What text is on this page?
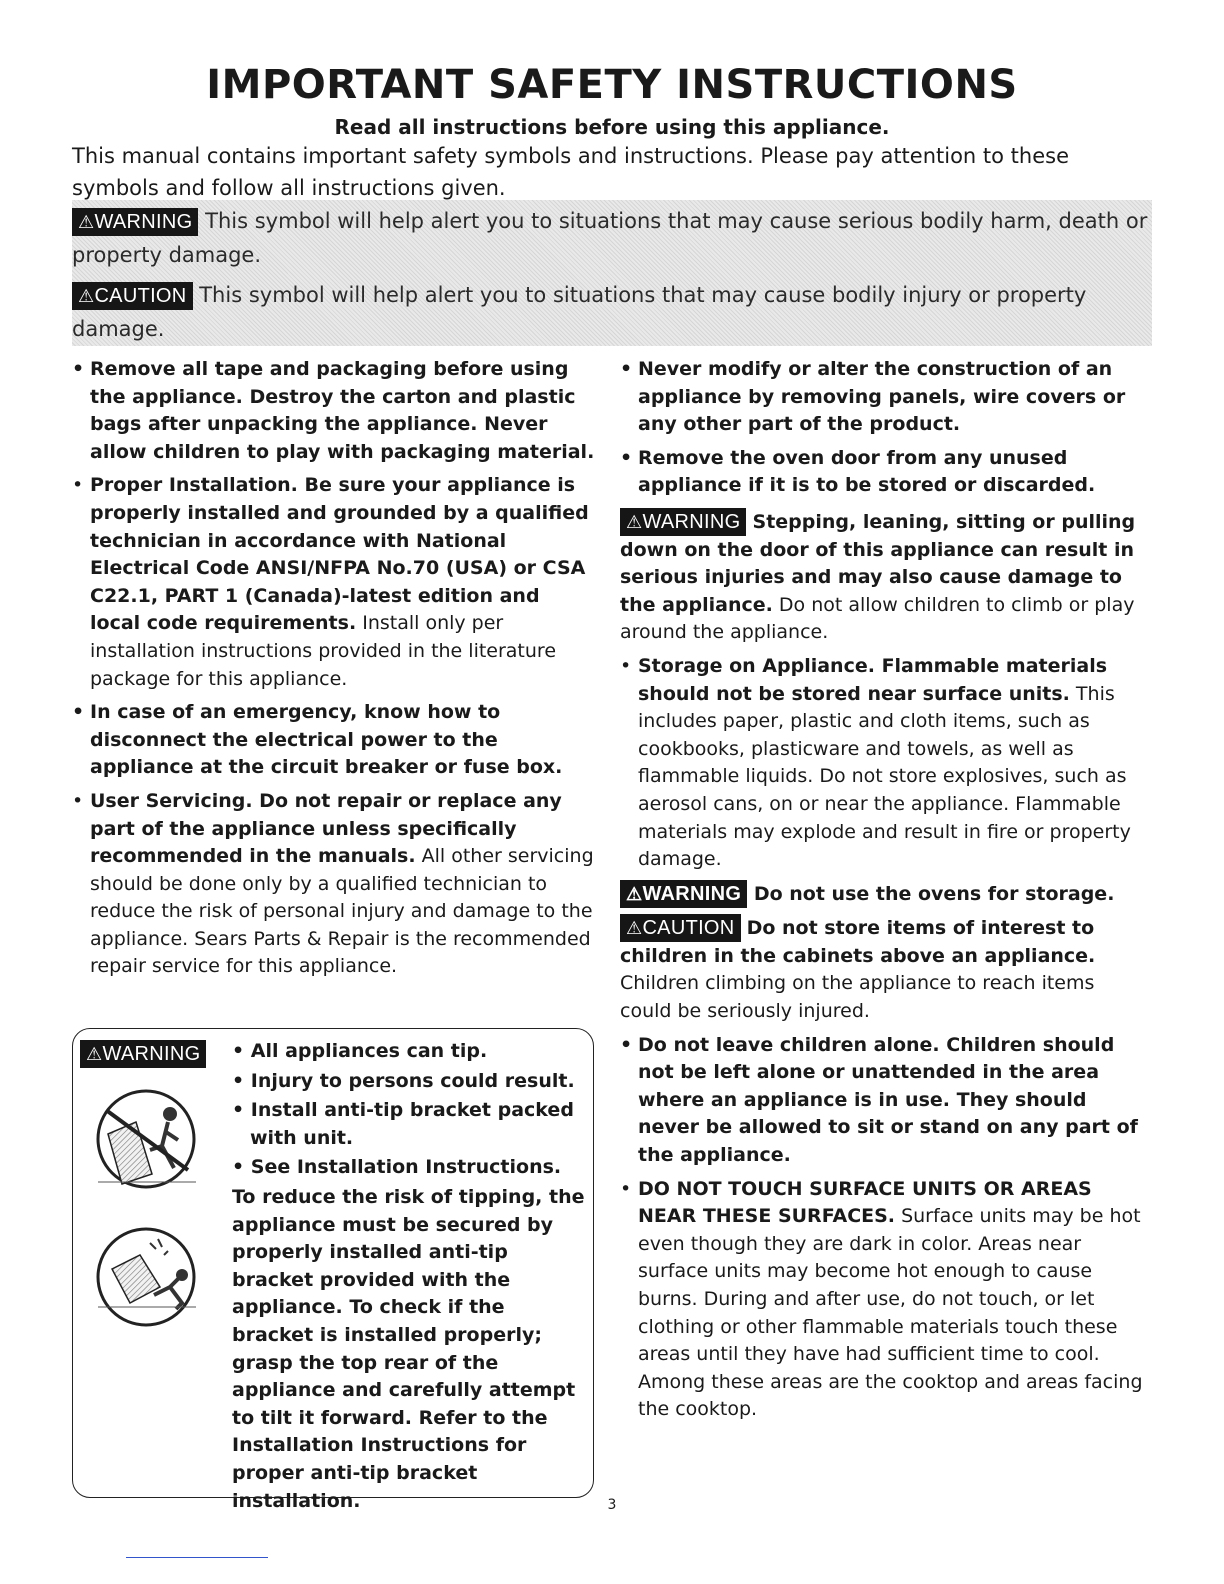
IMPORTANT SAFETY INSTRUCTIONS
Read all instructions before using this appliance.
This manual contains important safety symbols and instructions. Please pay attention to these symbols and follow all instructions given.
⚠WARNING This symbol will help alert you to situations that may cause serious bodily harm, death or property damage.
⚠CAUTION This symbol will help alert you to situations that may cause bodily injury or property damage.

• Remove all tape and packaging before using the appliance. Destroy the carton and plastic bags after unpacking the appliance. Never allow children to play with packaging material.

• Proper Installation. Be sure your appliance is properly installed and grounded by a qualified technician in accordance with National Electrical Code ANSI/NFPA No.70 (USA) or CSA C22.1, PART 1 (Canada)-latest edition and local code requirements. Install only per installation instructions provided in the literature package for this appliance.

• In case of an emergency, know how to disconnect the electrical power to the appliance at the circuit breaker or fuse box.

• User Servicing. Do not repair or replace any part of the appliance unless specifically recommended in the manuals. All other servicing should be done only by a qualified technician to reduce the risk of personal injury and damage to the appliance. Sears Parts & Repair is the recommended repair service for this appliance.

⚠WARNING	• All appliances can tip.

• Injury to persons could result.

• Install anti-tip bracket packed with unit.

• See Installation Instructions.

To reduce the risk of tipping, the appliance must be secured by properly installed anti-tip bracket provided with the appliance. To check if the bracket is installed properly; grasp the top rear of the appliance and carefully attempt to tilt it forward. Refer to the Installation Instructions for proper anti-tip bracket installation.

• Never modify or alter the construction of an appliance by removing panels, wire covers or any other part of the product.

• Remove the oven door from any unused appliance if it is to be stored or discarded.

⚠WARNING Stepping, leaning, sitting or pulling down on the door of this appliance can result in serious injuries and may also cause damage to the appliance. Do not allow children to climb or play around the appliance.

• Storage on Appliance. Flammable materials should not be stored near surface units. This includes paper, plastic and cloth items, such as cookbooks, plasticware and towels, as well as flammable liquids. Do not store explosives, such as aerosol cans, on or near the appliance. Flammable materials may explode and result in fire or property damage.

⚠WARNING Do not use the ovens for storage.

⚠CAUTION Do not store items of interest to children in the cabinets above an appliance. Children climbing on the appliance to reach items could be seriously injured.

• Do not leave children alone. Children should not be left alone or unattended in the area where an appliance is in use. They should never be allowed to sit or stand on any part of the appliance.

• DO NOT TOUCH SURFACE UNITS OR AREAS NEAR THESE SURFACES. Surface units may be hot even though they are dark in color. Areas near surface units may become hot enough to cause burns. During and after use, do not touch, or let clothing or other flammable materials touch these areas until they have had sufficient time to cool. Among these areas are the cooktop and areas facing the cooktop.

3
